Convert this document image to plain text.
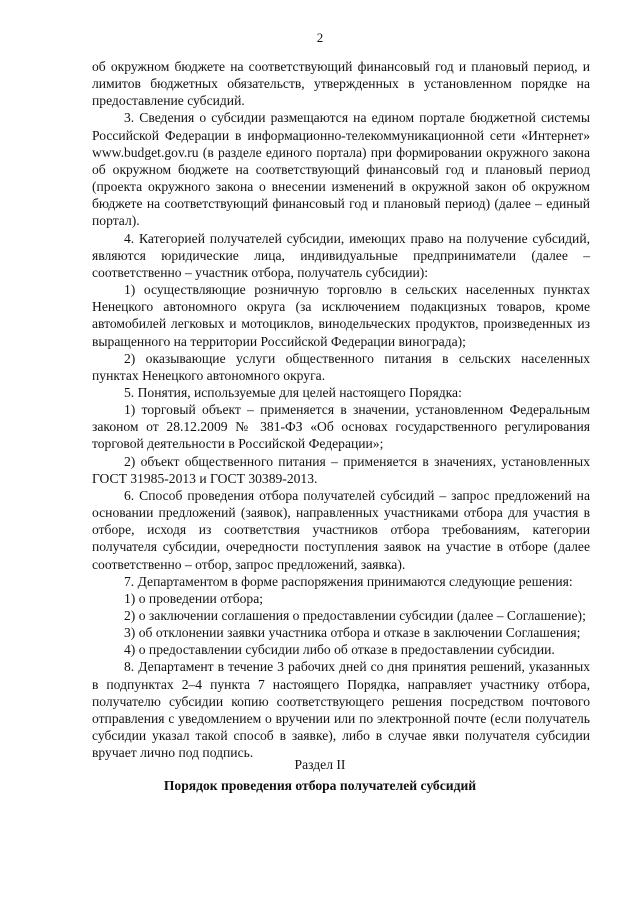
2

об окружном бюджете на соответствующий финансовый год и плановый период, и лимитов бюджетных обязательств, утвержденных в установленном порядке на предоставление субсидий.

3. Сведения о субсидии размещаются на едином портале бюджетной системы Российской Федерации в информационно-телекоммуникационной сети «Интернет» www.budget.gov.ru (в разделе единого портала) при формировании окружного закона об окружном бюджете на соответствующий финансовый год и плановый период (проекта окружного закона о внесении изменений в окружной закон об окружном бюджете на соответствующий финансовый год и плановый период) (далее – единый портал).

4. Категорией получателей субсидии, имеющих право на получение субсидий, являются юридические лица, индивидуальные предприниматели (далее – соответственно – участник отбора, получатель субсидии):

1) осуществляющие розничную торговлю в сельских населенных пунктах Ненецкого автономного округа (за исключением подакцизных товаров, кроме автомобилей легковых и мотоциклов, винодельческих продуктов, произведенных из выращенного на территории Российской Федерации винограда);

2) оказывающие услуги общественного питания в сельских населенных пунктах Ненецкого автономного округа.

5. Понятия, используемые для целей настоящего Порядка:

1) торговый объект – применяется в значении, установленном Федеральным законом от 28.12.2009 № 381-ФЗ «Об основах государственного регулирования торговой деятельности в Российской Федерации»;

2) объект общественного питания – применяется в значениях, установленных ГОСТ 31985-2013 и ГОСТ 30389-2013.

6. Способ проведения отбора получателей субсидий – запрос предложений на основании предложений (заявок), направленных участниками отбора для участия в отборе, исходя из соответствия участников отбора требованиям, категории получателя субсидии, очередности поступления заявок на участие в отборе (далее соответственно – отбор, запрос предложений, заявка).

7. Департаментом в форме распоряжения принимаются следующие решения:

1) о проведении отбора;

2) о заключении соглашения о предоставлении субсидии (далее – Соглашение);

3) об отклонении заявки участника отбора и отказе в заключении Соглашения;

4) о предоставлении субсидии либо об отказе в предоставлении субсидии.

8. Департамент в течение 3 рабочих дней со дня принятия решений, указанных в подпунктах 2–4 пункта 7 настоящего Порядка, направляет участнику отбора, получателю субсидии копию соответствующего решения посредством почтового отправления с уведомлением о вручении или по электронной почте (если получатель субсидии указал такой способ в заявке), либо в случае явки получателя субсидии вручает лично под подпись.

Раздел II
Порядок проведения отбора получателей субсидий
